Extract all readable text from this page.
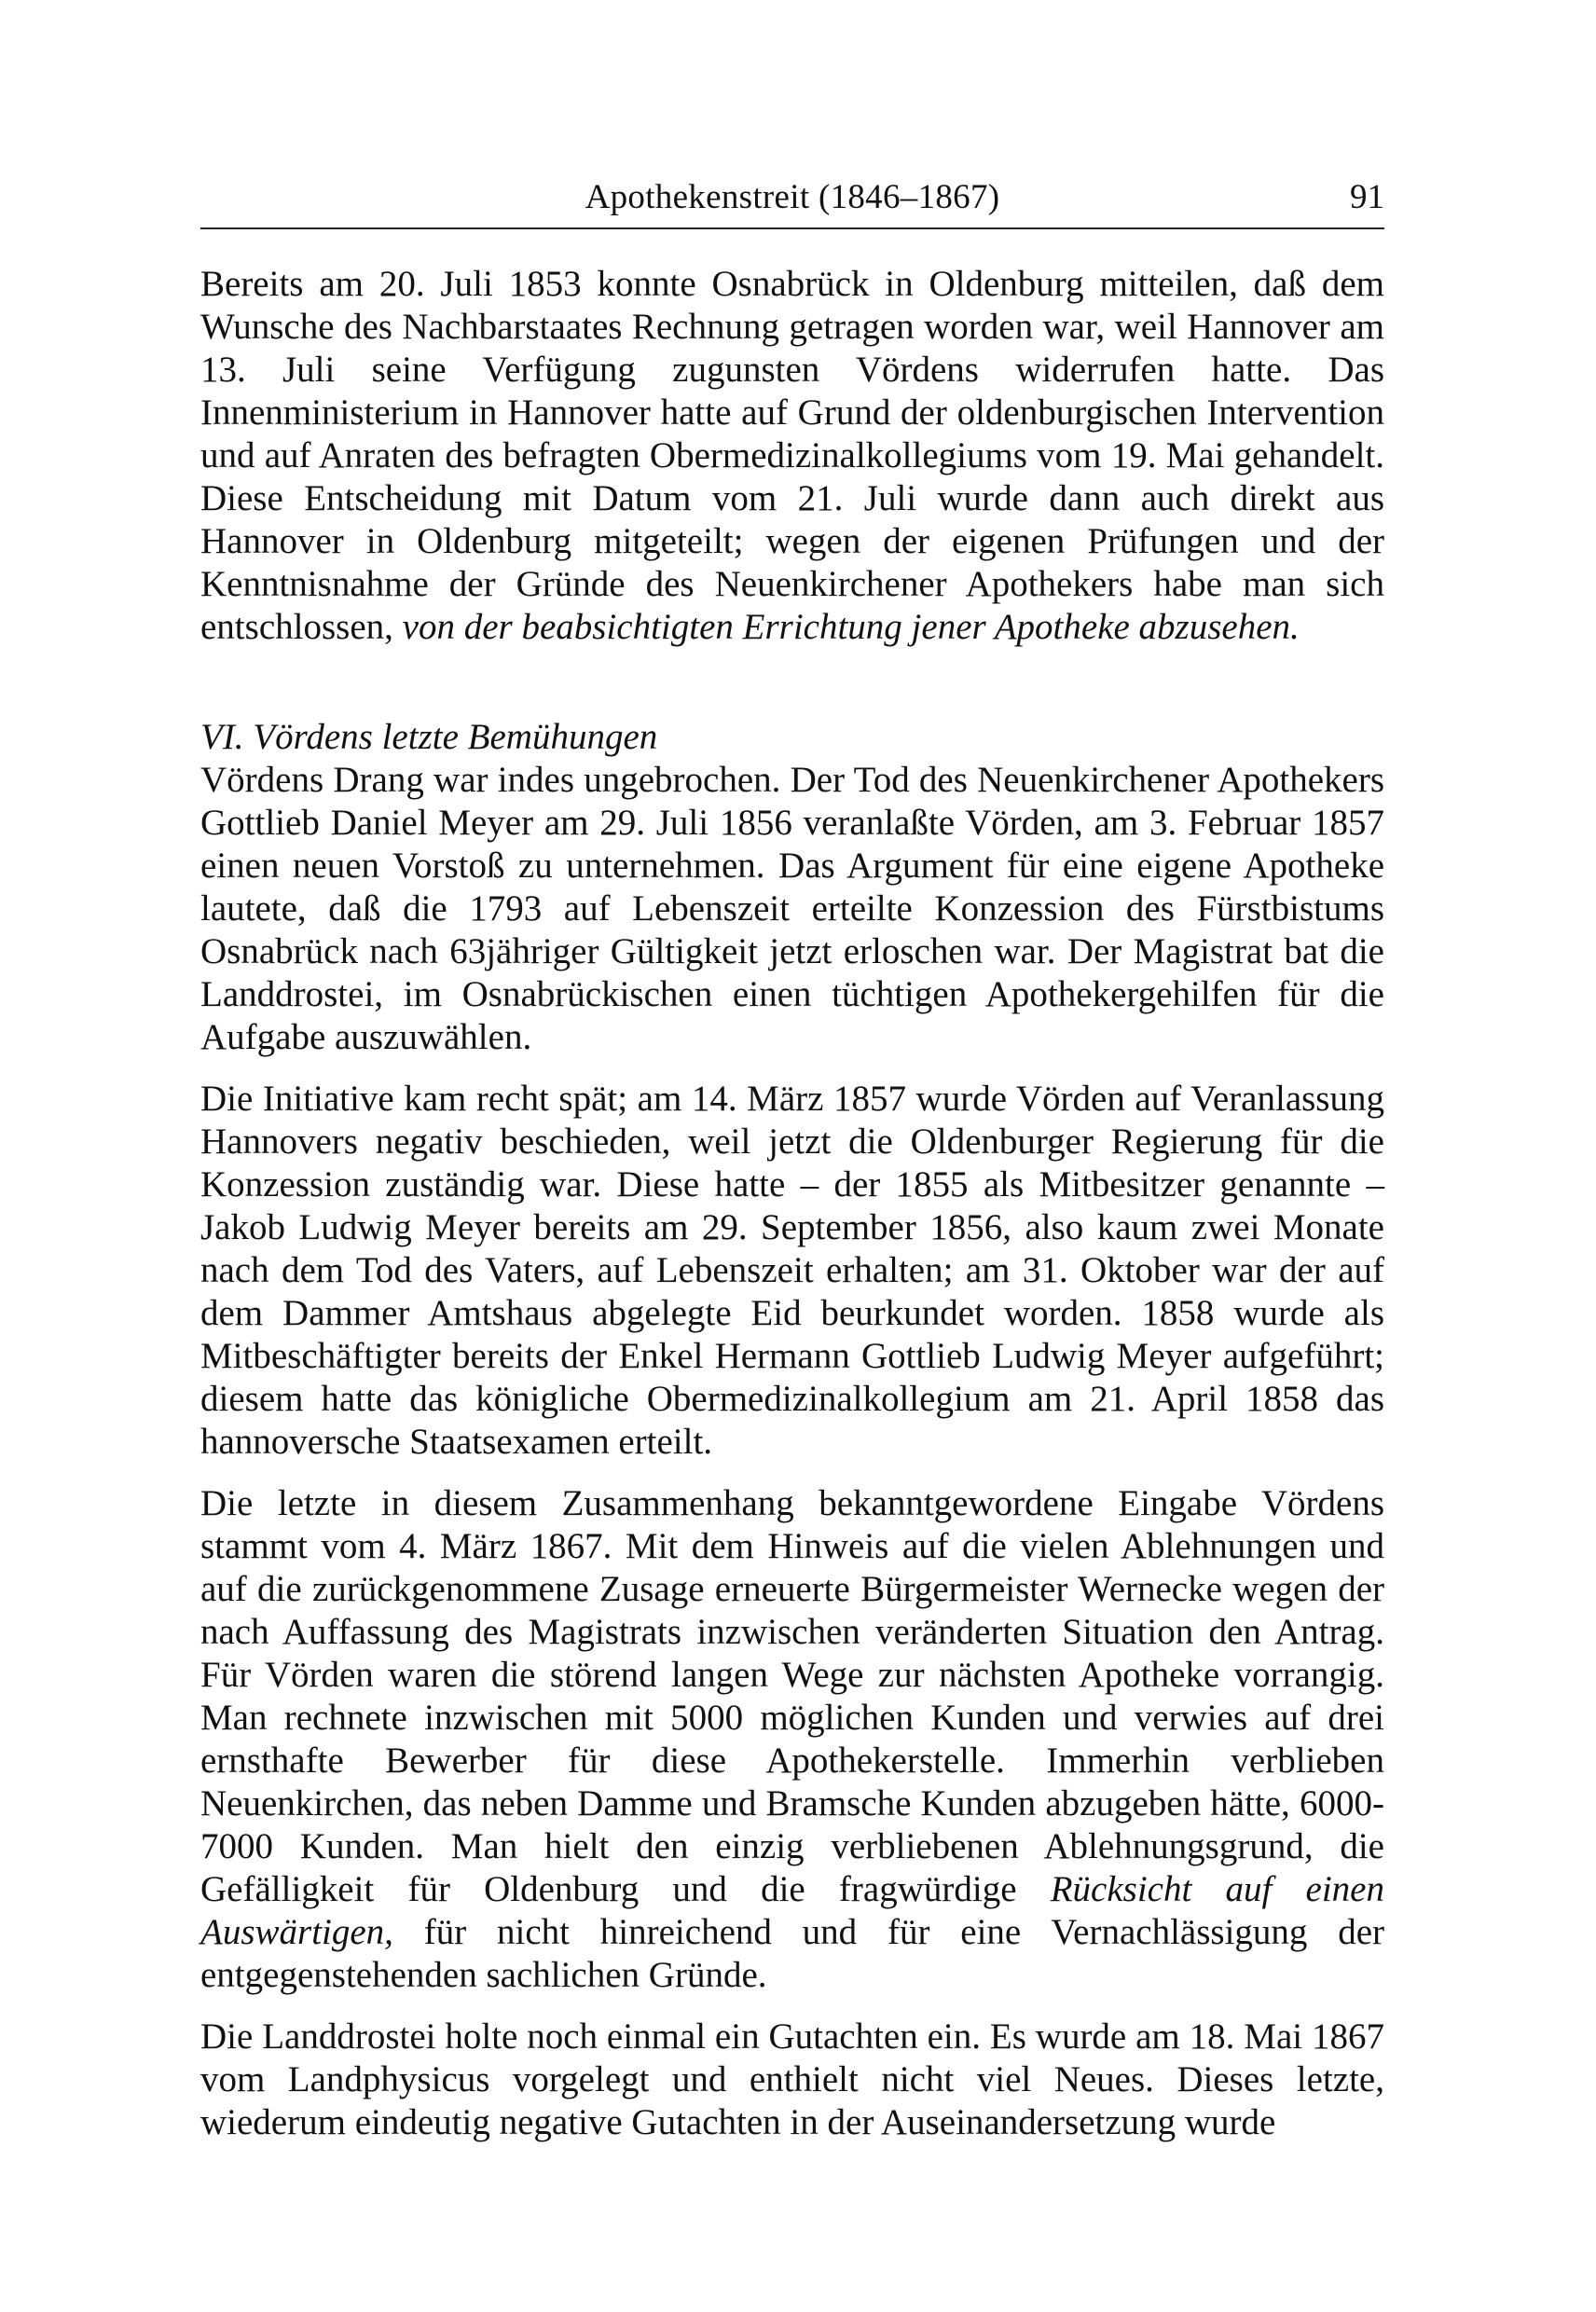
Apothekenstreit (1846–1867)	91

Bereits am 20. Juli 1853 konnte Osnabrück in Oldenburg mitteilen, daß dem Wunsche des Nachbarstaates Rechnung getragen worden war, weil Hannover am 13. Juli seine Verfügung zugunsten Vördens widerrufen hatte. Das Innenministerium in Hannover hatte auf Grund der oldenburgischen Intervention und auf Anraten des befragten Obermedizinalkollegiums vom 19. Mai gehandelt. Diese Entscheidung mit Datum vom 21. Juli wurde dann auch direkt aus Hannover in Oldenburg mitgeteilt; wegen der eigenen Prüfungen und der Kenntnisnahme der Gründe des Neuenkirchener Apothekers habe man sich entschlossen, von der beabsichtigten Errichtung jener Apotheke abzusehen.

VI. Vördens letzte Bemühungen

Vördens Drang war indes ungebrochen. Der Tod des Neuenkirchener Apothekers Gottlieb Daniel Meyer am 29. Juli 1856 veranlaßte Vörden, am 3. Februar 1857 einen neuen Vorstoß zu unternehmen. Das Argument für eine eigene Apotheke lautete, daß die 1793 auf Lebenszeit erteilte Konzession des Fürstbistums Osnabrück nach 63jähriger Gültigkeit jetzt erloschen war. Der Magistrat bat die Landdrostei, im Osnabrückischen einen tüchtigen Apothekergehilfen für die Aufgabe auszuwählen.

Die Initiative kam recht spät; am 14. März 1857 wurde Vörden auf Veranlassung Hannovers negativ beschieden, weil jetzt die Oldenburger Regierung für die Konzession zuständig war. Diese hatte – der 1855 als Mitbesitzer genannte – Jakob Ludwig Meyer bereits am 29. September 1856, also kaum zwei Monate nach dem Tod des Vaters, auf Lebenszeit erhalten; am 31. Oktober war der auf dem Dammer Amtshaus abgelegte Eid beurkundet worden. 1858 wurde als Mitbeschäftigter bereits der Enkel Hermann Gottlieb Ludwig Meyer aufgeführt; diesem hatte das königliche Obermedizinalkollegium am 21. April 1858 das hannoversche Staatsexamen erteilt.

Die letzte in diesem Zusammenhang bekanntgewordene Eingabe Vördens stammt vom 4. März 1867. Mit dem Hinweis auf die vielen Ablehnungen und auf die zurückgenommene Zusage erneuerte Bürgermeister Wernecke wegen der nach Auffassung des Magistrats inzwischen veränderten Situation den Antrag. Für Vörden waren die störend langen Wege zur nächsten Apotheke vorrangig. Man rechnete inzwischen mit 5000 möglichen Kunden und verwies auf drei ernsthafte Bewerber für diese Apothekerstelle. Immerhin verblieben Neuenkirchen, das neben Damme und Bramsche Kunden abzugeben hätte, 6000-7000 Kunden. Man hielt den einzig verbliebenen Ablehnungsgrund, die Gefälligkeit für Oldenburg und die fragwürdige Rücksicht auf einen Auswärtigen, für nicht hinreichend und für eine Vernachlässigung der entgegenstehenden sachlichen Gründe.

Die Landdrostei holte noch einmal ein Gutachten ein. Es wurde am 18. Mai 1867 vom Landphysicus vorgelegt und enthielt nicht viel Neues. Dieses letzte, wiederum eindeutig negative Gutachten in der Auseinandersetzung wurde
